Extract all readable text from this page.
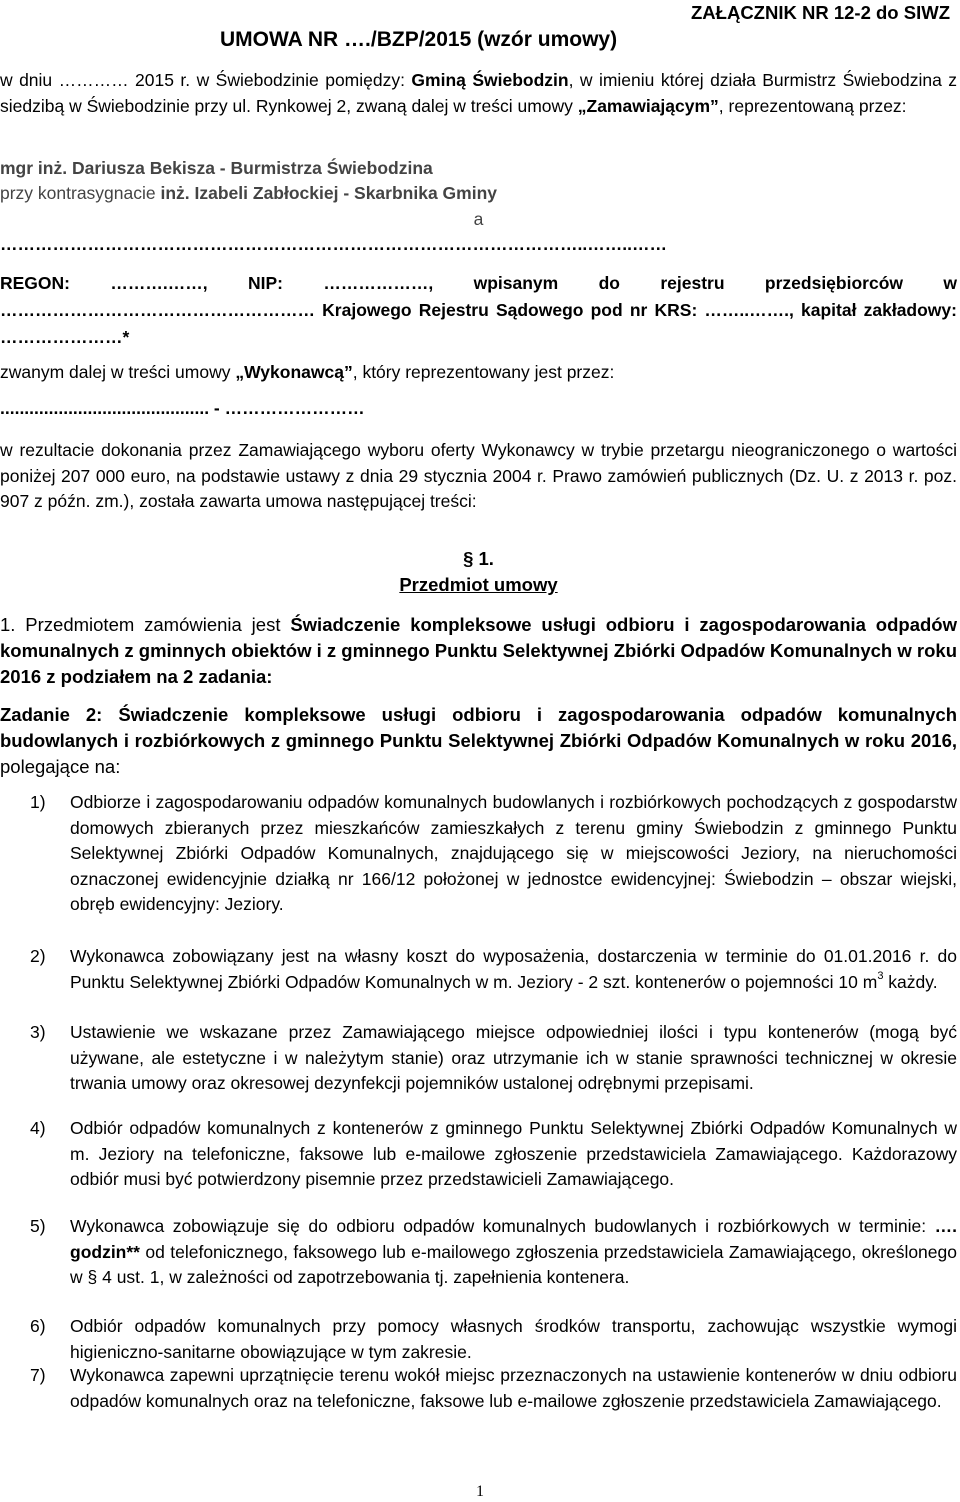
ZAŁĄCZNIK NR 12-2 do SIWZ
UMOWA NR …./BZP/2015 (wzór umowy)
w dniu ………… 2015 r. w Świebodzinie pomiędzy: Gminą Świebodzin, w imieniu której działa Burmistrz Świebodzina z siedzibą w Świebodzinie przy ul. Rynkowej 2, zwaną dalej w treści umowy „Zamawiającym”, reprezentowaną przez:
mgr inż. Dariusza Bekisza - Burmistrza Świebodzina
przy kontrasygnacie inż. Izabeli Zabłockiej - Skarbnika Gminy
a
………………………………………………………………………………………..……..……
REGON: ……….……, NIP: ………………, wpisanym do rejestru przedsiębiorców w ……………………………………………… Krajowego Rejestru Sądowego pod nr KRS: ……..……., kapitał zakładowy: …………………*
zwanym dalej w treści umowy „Wykonawcą”, który reprezentowany jest przez:
........................................... - ……………………
w rezultacie dokonania przez Zamawiającego wyboru oferty Wykonawcy w trybie przetargu nieograniczonego o wartości poniżej 207 000 euro, na podstawie ustawy z dnia 29 stycznia 2004 r. Prawo zamówień publicznych (Dz. U. z 2013 r. poz. 907 z późn. zm.), została zawarta umowa następującej treści:
§ 1.
Przedmiot umowy
1. Przedmiotem zamówienia jest Świadczenie kompleksowe usługi odbioru i zagospodarowania odpadów komunalnych z gminnych obiektów i z gminnego Punktu Selektywnej Zbiórki Odpadów Komunalnych w roku 2016 z podziałem na 2 zadania:
Zadanie 2: Świadczenie kompleksowe usługi odbioru i zagospodarowania odpadów komunalnych budowlanych i rozbiórkowych z gminnego Punktu Selektywnej Zbiórki Odpadów Komunalnych w roku 2016, polegające na:
1)	Odbiorze i zagospodarowaniu odpadów komunalnych budowlanych i rozbiórkowych pochodzących z gospodarstw domowych zbieranych przez mieszkańców zamieszkałych z terenu gminy Świebodzin z gminnego Punktu Selektywnej Zbiórki Odpadów Komunalnych, znajdującego się w miejscowości Jeziory, na nieruchomości oznaczonej ewidencyjnie działką nr 166/12 położonej w jednostce ewidencyjnej: Świebodzin – obszar wiejski, obręb ewidencyjny: Jeziory.
2)	Wykonawca zobowiązany jest na własny koszt do wyposażenia, dostarczenia w terminie do 01.01.2016 r. do Punktu Selektywnej Zbiórki Odpadów Komunalnych w m. Jeziory - 2 szt. kontenerów o pojemności 10 $m^3$ każdy.
3)	Ustawienie we wskazane przez Zamawiającego miejsce odpowiedniej ilości i typu kontenerów (mogą być używane, ale estetyczne i w należytym stanie) oraz utrzymanie ich w stanie sprawności technicznej w okresie trwania umowy oraz okresowej dezynfekcji pojemników ustalonej odrębnymi przepisami.
4)	Odbiór odpadów komunalnych z kontenerów z gminnego Punktu Selektywnej Zbiórki Odpadów Komunalnych w m. Jeziory na telefoniczne, faksowe lub e-mailowe zgłoszenie przedstawiciela Zamawiającego. Każdorazowy odbiór musi być potwierdzony pisemnie przez przedstawicieli Zamawiającego.
5)	Wykonawca zobowiązuje się do odbioru odpadów komunalnych budowlanych i rozbiórkowych w terminie: …. godzin** od telefonicznego, faksowego lub e-mailowego zgłoszenia przedstawiciela Zamawiającego, określonego w § 4 ust. 1, w zależności od zapotrzebowania tj. zapełnienia kontenera.
6)	Odbiór odpadów komunalnych przy pomocy własnych środków transportu, zachowując wszystkie wymogi higieniczno-sanitarne obowiązujące w tym zakresie.
7)	Wykonawca zapewni uprzątnięcie terenu wokół miejsc przeznaczonych na ustawienie kontenerów w dniu odbioru odpadów komunalnych oraz na telefoniczne, faksowe lub e-mailowe zgłoszenie przedstawiciela Zamawiającego.
1
